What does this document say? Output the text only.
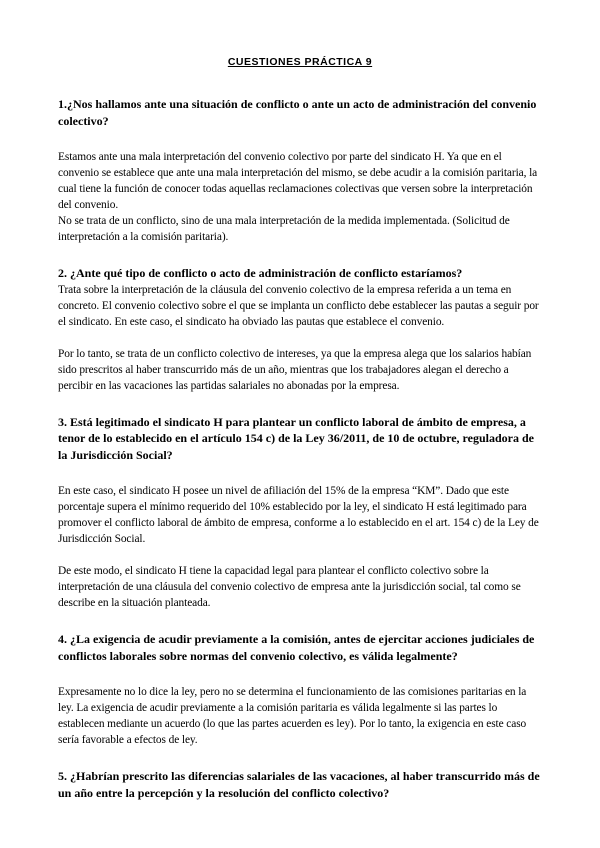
CUESTIONES PRÁCTICA 9

1.¿Nos hallamos ante una situación de conflicto o ante un acto de administración del convenio colectivo?

Estamos ante una mala interpretación del convenio colectivo por parte del sindicato H. Ya que en el convenio se establece que ante una mala interpretación del mismo, se debe acudir a la comisión paritaria, la cual tiene la función de conocer todas aquellas reclamaciones colectivas que versen sobre la interpretación del convenio.

No se trata de un conflicto, sino de una mala interpretación de la medida implementada. (Solicitud de interpretación a la comisión paritaria).

2. ¿Ante qué tipo de conflicto o acto de administración de conflicto estaríamos?

Trata sobre la interpretación de la cláusula del convenio colectivo de la empresa referida a un tema en concreto. El convenio colectivo sobre el que se implanta un conflicto debe establecer las pautas a seguir por el sindicato. En este caso, el sindicato ha obviado las pautas que establece el convenio.

Por lo tanto, se trata de un conflicto colectivo de intereses, ya que la empresa alega que los salarios habían sido prescritos al haber transcurrido más de un año, mientras que los trabajadores alegan el derecho a percibir en las vacaciones las partidas salariales no abonadas por la empresa.

3. Está legitimado el sindicato H para plantear un conflicto laboral de ámbito de empresa, a tenor de lo establecido en el artículo 154 c) de la Ley 36/2011, de 10 de octubre, reguladora de la Jurisdicción Social?

En este caso, el sindicato H posee un nivel de afiliación del 15% de la empresa “KM”. Dado que este porcentaje supera el mínimo requerido del 10% establecido por la ley, el sindicato H está legitimado para promover el conflicto laboral de ámbito de empresa, conforme a lo establecido en el art. 154 c) de la Ley de Jurisdicción Social.

De este modo, el sindicato H tiene la capacidad legal para plantear el conflicto colectivo sobre la interpretación de una cláusula del convenio colectivo de empresa ante la jurisdicción social, tal como se describe en la situación planteada.

4. ¿La exigencia de acudir previamente a la comisión, antes de ejercitar acciones judiciales de conflictos laborales sobre normas del convenio colectivo, es válida legalmente?

Expresamente no lo dice la ley, pero no se determina el funcionamiento de las comisiones paritarias en la ley. La exigencia de acudir previamente a la comisión paritaria es válida legalmente si las partes lo establecen mediante un acuerdo (lo que las partes acuerden es ley). Por lo tanto, la exigencia en este caso sería favorable a efectos de ley.

5. ¿Habrían prescrito las diferencias salariales de las vacaciones, al haber transcurrido más de un año entre la percepción y la resolución del conflicto colectivo?
